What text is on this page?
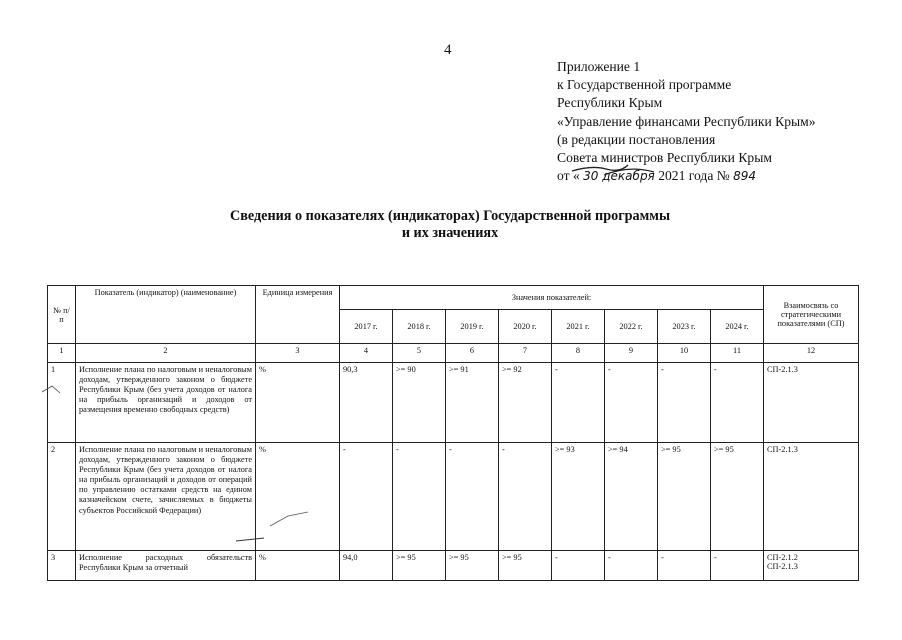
4
Приложение 1
к Государственной программе
Республики Крым
«Управление финансами Республики Крым»
(в редакции постановления
Совета министров Республики Крым
от « 30 декабря 2021 года № 894
Сведения о показателях (индикаторах) Государственной программы
и их значениях
№ п/п	Показатель (индикатор) (наименование)	Единица измерения	Значения показателей:								Взаимосвязь со стратегическими показателями (СП)
			2017 г.	2018 г.	2019 г.	2020 г.	2021 г.	2022 г.	2023 г.	2024 г.	
1	2	3	4	5	6	7	8	9	10	11	12
1	Исполнение плана по налоговым и неналоговым доходам, утвержденного законом о бюджете Республики Крым (без учета доходов от налога на прибыль организаций и доходов от размещения временно свободных средств)	%	90,3	>= 90	>= 91	>= 92	-	-	-	-	СП-2.1.3
2	Исполнение плана по налоговым и неналоговым доходам, утвержденного законом о бюджете Республики Крым (без учета доходов от налога на прибыль организаций и доходов от операций по управлению остатками средств на едином казначейском счете, зачисляемых в бюджеты субъектов Российской Федерации)	%	-	-	-	-	>= 93	>= 94	>= 95	>= 95	СП-2.1.3
3	Исполнение расходных обязательств Республики Крым за отчетный	%	94,0	>= 95	>= 95	>= 95	-	-	-	-	СП-2.1.2
СП-2.1.3
